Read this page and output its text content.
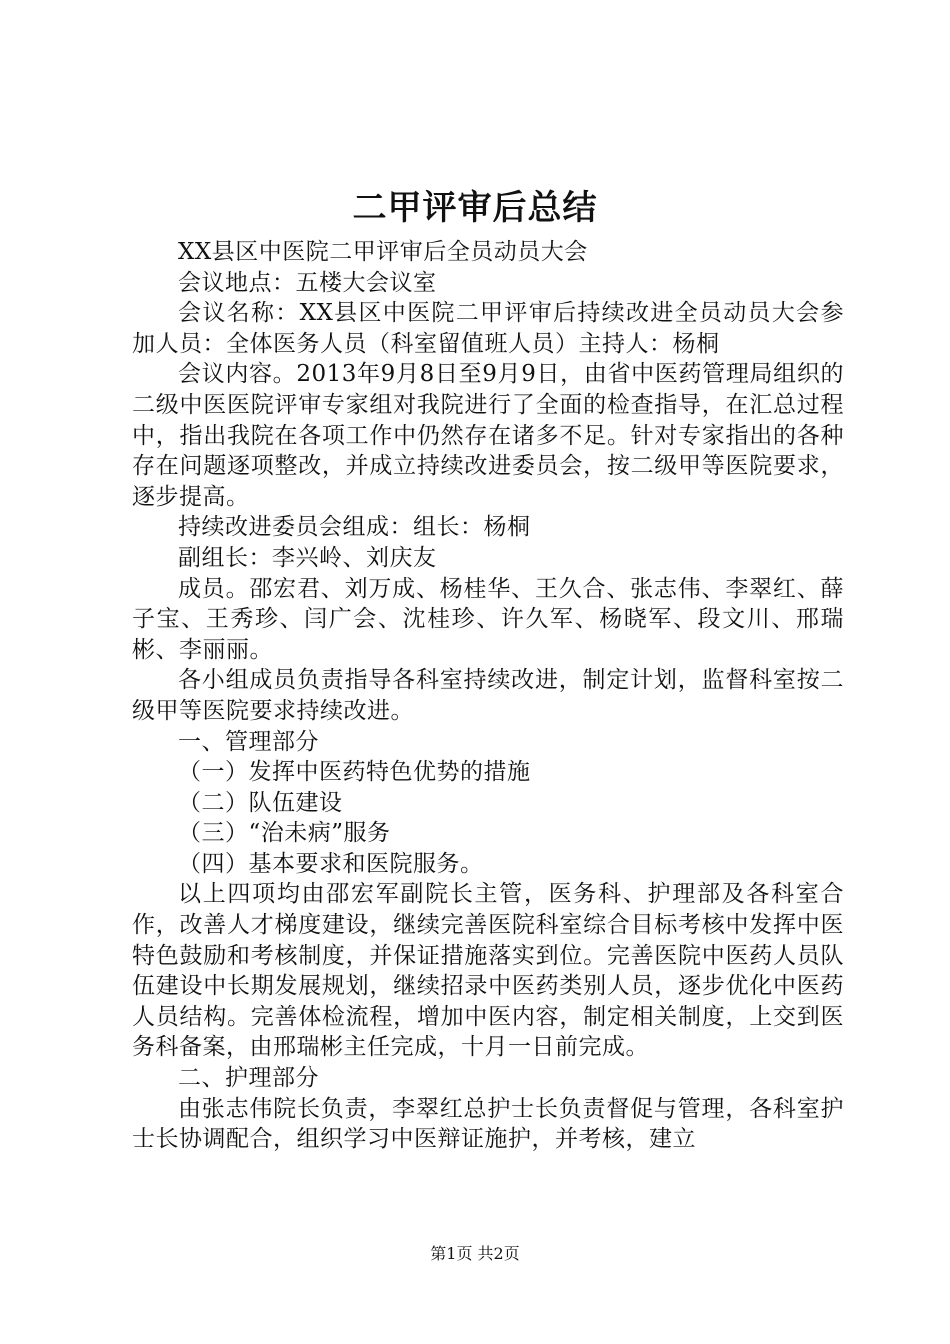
二甲评审后总结

XX县区中医院二甲评审后全员动员大会

会议地点：五楼大会议室

会议名称：XX县区中医院二甲评审后持续改进全员动员大会参加人员：全体医务人员（科室留值班人员）主持人：杨桐

会议内容。2013年9月8日至9月9日，由省中医药管理局组织的二级中医医院评审专家组对我院进行了全面的检查指导，在汇总过程中，指出我院在各项工作中仍然存在诸多不足。针对专家指出的各种存在问题逐项整改，并成立持续改进委员会，按二级甲等医院要求，逐步提高。

持续改进委员会组成：组长：杨桐

副组长：李兴岭、刘庆友

成员。邵宏君、刘万成、杨桂华、王久合、张志伟、李翠红、薛子宝、王秀珍、闫广会、沈桂珍、许久军、杨晓军、段文川、邢瑞彬、李丽丽。

各小组成员负责指导各科室持续改进，制定计划，监督科室按二级甲等医院要求持续改进。

一、管理部分

（一）发挥中医药特色优势的措施

（二）队伍建设

（三）“治未病”服务

（四）基本要求和医院服务。

以上四项均由邵宏军副院长主管，医务科、护理部及各科室合作，改善人才梯度建设，继续完善医院科室综合目标考核中发挥中医特色鼓励和考核制度，并保证措施落实到位。完善医院中医药人员队伍建设中长期发展规划，继续招录中医药类别人员，逐步优化中医药人员结构。完善体检流程，增加中医内容，制定相关制度，上交到医务科备案，由邢瑞彬主任完成，十月一日前完成。

二、护理部分

由张志伟院长负责，李翠红总护士长负责督促与管理，各科室护士长协调配合，组织学习中医辩证施护，并考核，建立

第1页 共2页
